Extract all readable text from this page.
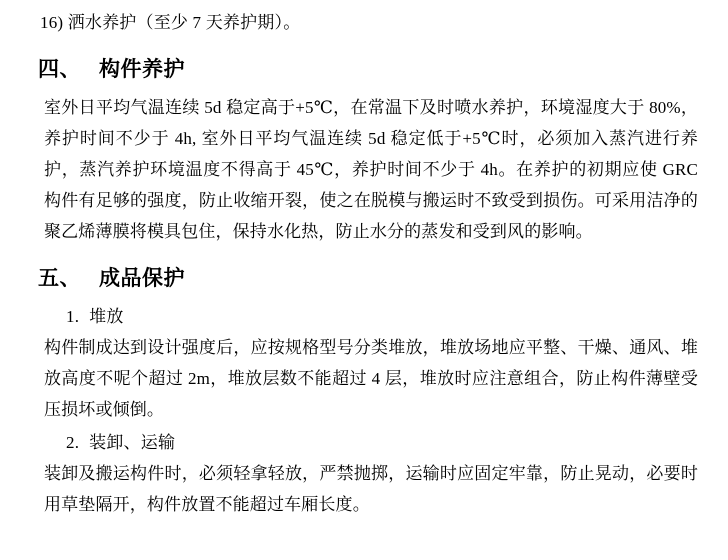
16) 洒水养护（至少 7 天养护期）。

四、 构件养护

室外日平均气温连续 5d 稳定高于+5℃，在常温下及时喷水养护，环境湿度大于 80%，养护时间不少于 4h, 室外日平均气温连续 5d 稳定低于+5℃时，必须加入蒸汽进行养护，蒸汽养护环境温度不得高于 45℃，养护时间不少于 4h。在养护的初期应使 GRC 构件有足够的强度，防止收缩开裂，使之在脱模与搬运时不致受到损伤。可采用洁净的聚乙烯薄膜将模具包住，保持水化热，防止水分的蒸发和受到风的影响。

五、 成品保护

1. 堆放

构件制成达到设计强度后，应按规格型号分类堆放，堆放场地应平整、干燥、通风、堆放高度不呢个超过 2m，堆放层数不能超过 4 层，堆放时应注意组合，防止构件薄壁受压损坏或倾倒。

2. 装卸、运输

装卸及搬运构件时，必须轻拿轻放，严禁抛掷，运输时应固定牢靠，防止晃动，必要时用草垫隔开，构件放置不能超过车厢长度。
